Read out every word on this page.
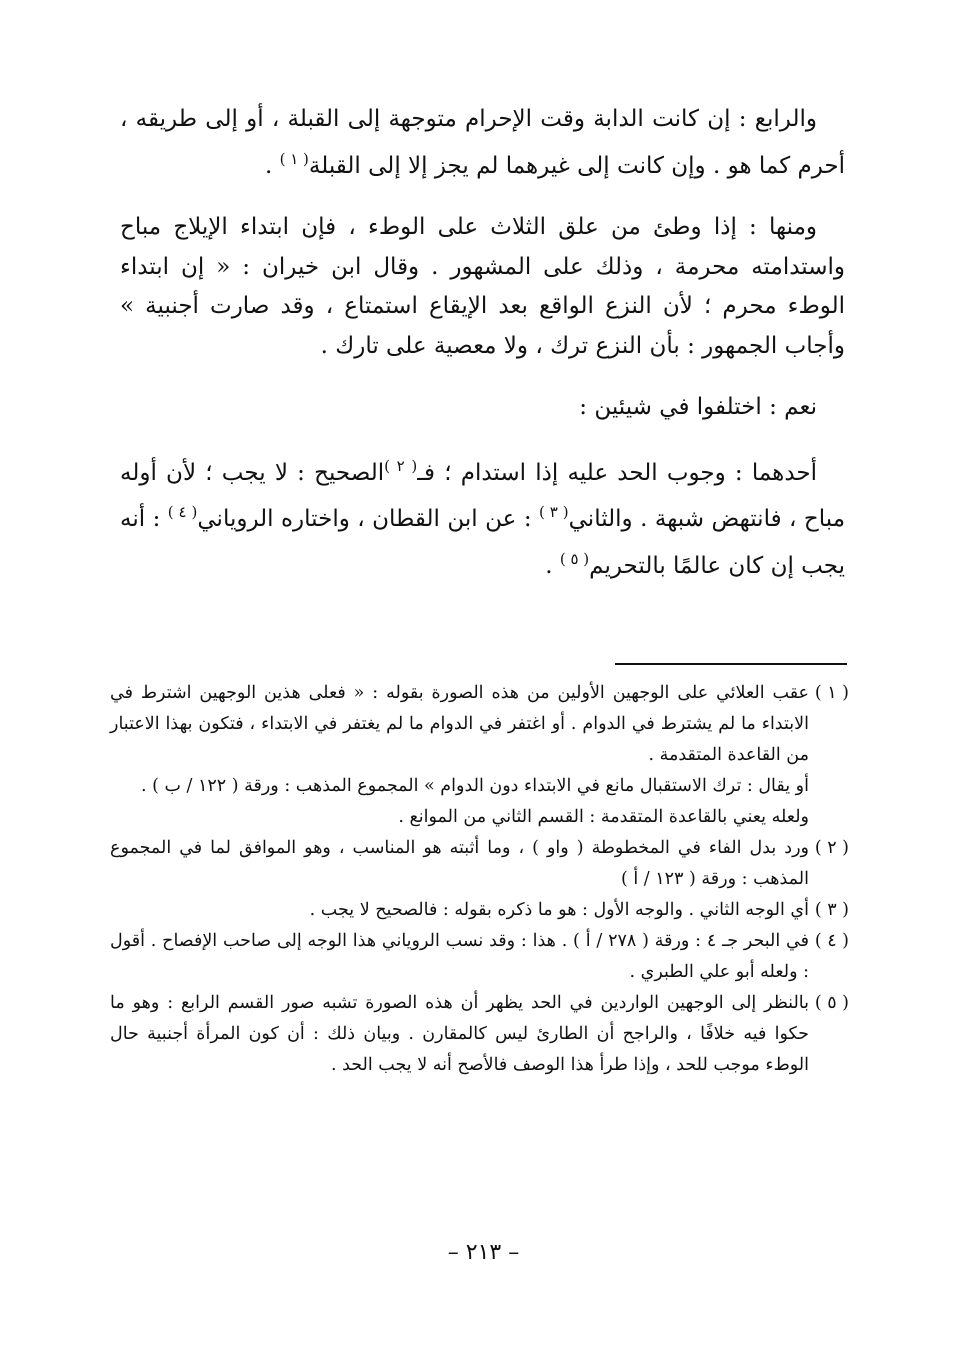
والرابع : إن كانت الدابة وقت الإحرام متوجهة إلى القبلة ، أو إلى طريقه ، أحرم كما هو . وإن كانت إلى غيرهما لم يجز إلا إلى القبلة$^{( ١ )}$ .

ومنها : إذا وطئ من علق الثلاث على الوطء ، فإن ابتداء الإيلاج مباح واستدامته محرمة ، وذلك على المشهور . وقال ابن خيران : « إن ابتداء الوطء محرم ؛ لأن النزع الواقع بعد الإيقاع استمتاع ، وقد صارت أجنبية » وأجاب الجمهور : بأن النزع ترك ، ولا معصية على تارك .

نعم : اختلفوا في شيئين :

أحدهما : وجوب الحد عليه إذا استدام ؛ فـ$^{( ٢ )}$الصحيح : لا يجب ؛ لأن أوله مباح ، فانتهض شبهة . والثاني$^{( ٣ )}$ : عن ابن القطان ، واختاره الروياني$^{( ٤ )}$ : أنه يجب إن كان عالمًا بالتحريم$^{( ٥ )}$ .

( ١ )
عقب العلائي على الوجهين الأولين من هذه الصورة بقوله : « فعلى هذين الوجهين اشترط في الابتداء ما لم يشترط في الدوام . أو اغتفر في الدوام ما لم يغتفر في الابتداء ، فتكون بهذا الاعتبار من القاعدة المتقدمة .
أو يقال : ترك الاستقبال مانع في الابتداء دون الدوام » المجموع المذهب : ورقة ( ١٢٢ / ب ) .
ولعله يعني بالقاعدة المتقدمة : القسم الثاني من الموانع .
( ٢ )
ورد بدل الفاء في المخطوطة ( واو ) ، وما أثبته هو المناسب ، وهو الموافق لما في المجموع المذهب : ورقة ( ١٢٣ / أ )
( ٣ )
أي الوجه الثاني . والوجه الأول : هو ما ذكره بقوله : فالصحيح لا يجب .
( ٤ )
في البحر جـ ٤ : ورقة ( ٢٧٨ / أ ) . هذا : وقد نسب الروياني هذا الوجه إلى صاحب الإفصاح . أقول : ولعله أبو علي الطبري .
( ٥ )
بالنظر إلى الوجهين الواردين في الحد يظهر أن هذه الصورة تشبه صور القسم الرابع : وهو ما حكوا فيه خلافًا ، والراجح أن الطارئ ليس كالمقارن . وبيان ذلك : أن كون المرأة أجنبية حال الوطء موجب للحد ، وإذا طرأ هذا الوصف فالأصح أنه لا يجب الحد .
– ٢١٣ –
